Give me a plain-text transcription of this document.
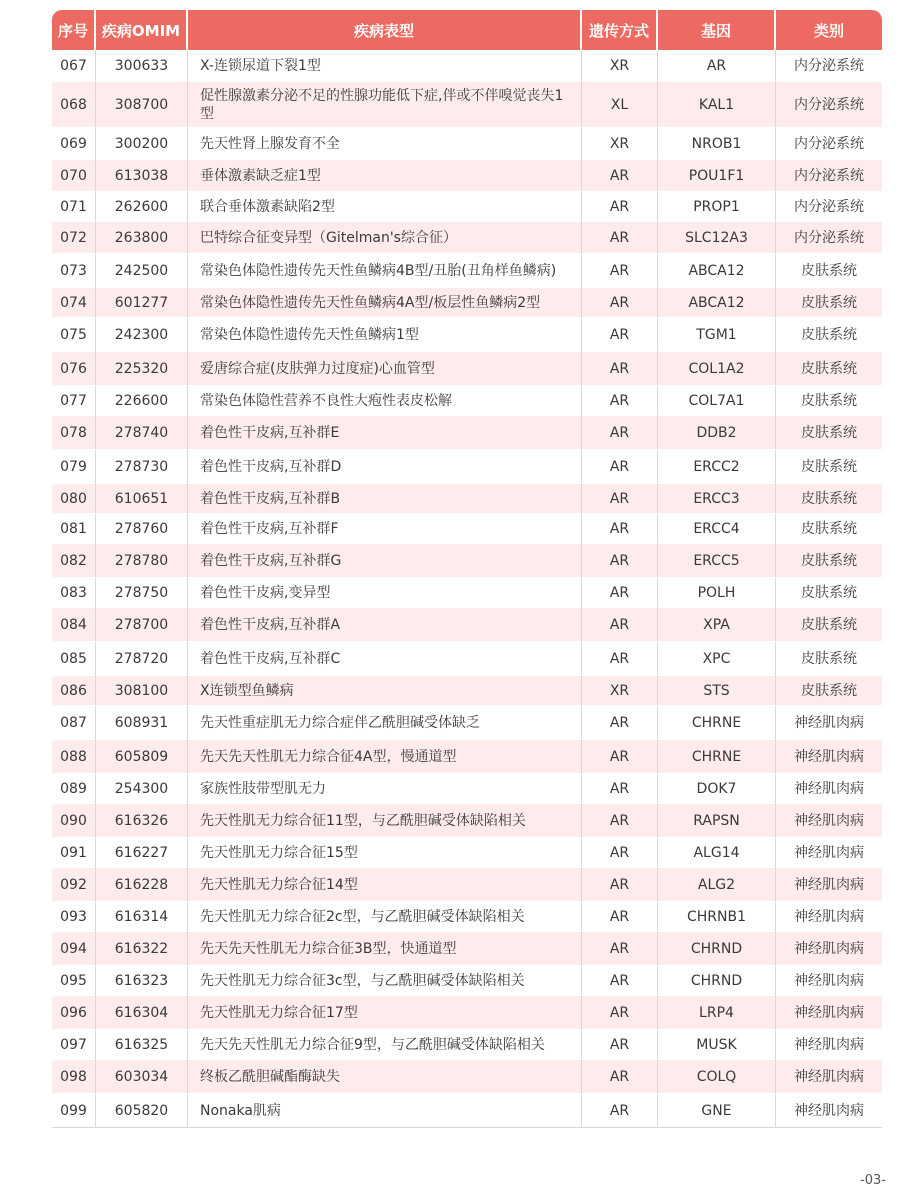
序号	疾病OMIM	疾病表型	遗传方式	基因	类别
067	300633	X-连锁尿道下裂1型	XR	AR	内分泌系统
068	308700	促性腺激素分泌不足的性腺功能低下症,伴或不伴嗅觉丧失1型	XL	KAL1	内分泌系统
069	300200	先天性肾上腺发育不全	XR	NROB1	内分泌系统
070	613038	垂体激素缺乏症1型	AR	POU1F1	内分泌系统
071	262600	联合垂体激素缺陷2型	AR	PROP1	内分泌系统
072	263800	巴特综合征变异型（Gitelman's综合征）	AR	SLC12A3	内分泌系统
073	242500	常染色体隐性遗传先天性鱼鳞病4B型/丑胎(丑角样鱼鳞病)	AR	ABCA12	皮肤系统
074	601277	常染色体隐性遗传先天性鱼鳞病4A型/板层性鱼鳞病2型	AR	ABCA12	皮肤系统
075	242300	常染色体隐性遗传先天性鱼鳞病1型	AR	TGM1	皮肤系统
076	225320	爱唐综合症(皮肤弹力过度症)心血管型	AR	COL1A2	皮肤系统
077	226600	常染色体隐性营养不良性大疱性表皮松解	AR	COL7A1	皮肤系统
078	278740	着色性干皮病,互补群E	AR	DDB2	皮肤系统
079	278730	着色性干皮病,互补群D	AR	ERCC2	皮肤系统
080	610651	着色性干皮病,互补群B	AR	ERCC3	皮肤系统
081	278760	着色性干皮病,互补群F	AR	ERCC4	皮肤系统
082	278780	着色性干皮病,互补群G	AR	ERCC5	皮肤系统
083	278750	着色性干皮病,变异型	AR	POLH	皮肤系统
084	278700	着色性干皮病,互补群A	AR	XPA	皮肤系统
085	278720	着色性干皮病,互补群C	AR	XPC	皮肤系统
086	308100	X连锁型鱼鳞病	XR	STS	皮肤系统
087	608931	先天性重症肌无力综合症伴乙酰胆碱受体缺乏	AR	CHRNE	神经肌肉病
088	605809	先天先天性肌无力综合征4A型，慢通道型	AR	CHRNE	神经肌肉病
089	254300	家族性肢带型肌无力	AR	DOK7	神经肌肉病
090	616326	先天性肌无力综合征11型，与乙酰胆碱受体缺陷相关	AR	RAPSN	神经肌肉病
091	616227	先天性肌无力综合征15型	AR	ALG14	神经肌肉病
092	616228	先天性肌无力综合征14型	AR	ALG2	神经肌肉病
093	616314	先天性肌无力综合征2c型，与乙酰胆碱受体缺陷相关	AR	CHRNB1	神经肌肉病
094	616322	先天先天性肌无力综合征3B型，快通道型	AR	CHRND	神经肌肉病
095	616323	先天性肌无力综合征3c型，与乙酰胆碱受体缺陷相关	AR	CHRND	神经肌肉病
096	616304	先天性肌无力综合征17型	AR	LRP4	神经肌肉病
097	616325	先天先天性肌无力综合征9型，与乙酰胆碱受体缺陷相关	AR	MUSK	神经肌肉病
098	603034	终板乙酰胆碱酯酶缺失	AR	COLQ	神经肌肉病
099	605820	Nonaka肌病	AR	GNE	神经肌肉病
-03-
